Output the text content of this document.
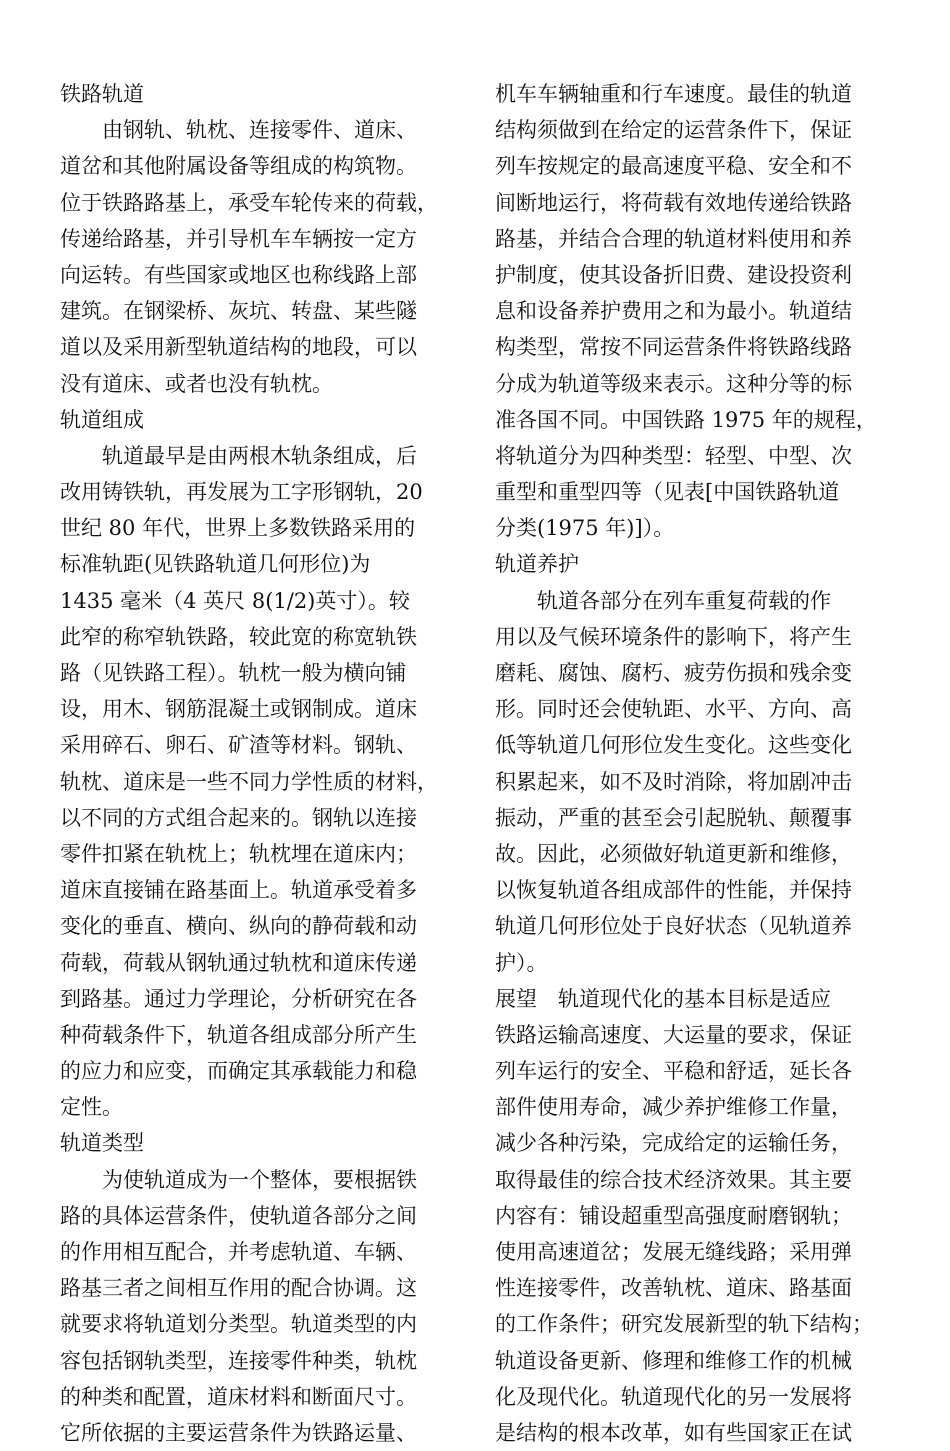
铁路轨道
由钢轨、轨枕、连接零件、道床、
道岔和其他附属设备等组成的构筑物。
位于铁路路基上，承受车轮传来的荷载，
传递给路基，并引导机车车辆按一定方
向运转。有些国家或地区也称线路上部
建筑。在钢梁桥、灰坑、转盘、某些隧
道以及采用新型轨道结构的地段，可以
没有道床、或者也没有轨枕。
轨道组成
轨道最早是由两根木轨条组成，后
改用铸铁轨，再发展为工字形钢轨，20
世纪 80 年代，世界上多数铁路采用的
标准轨距(见铁路轨道几何形位)为
1435 毫米（4 英尺 8(1/2)英寸）。较
此窄的称窄轨铁路，较此宽的称宽轨铁
路（见铁路工程）。轨枕一般为横向铺
设，用木、钢筋混凝土或钢制成。道床
采用碎石、卵石、矿渣等材料。钢轨、
轨枕、道床是一些不同力学性质的材料，
以不同的方式组合起来的。钢轨以连接
零件扣紧在轨枕上；轨枕埋在道床内；
道床直接铺在路基面上。轨道承受着多
变化的垂直、横向、纵向的静荷载和动
荷载，荷载从钢轨通过轨枕和道床传递
到路基。通过力学理论，分析研究在各
种荷载条件下，轨道各组成部分所产生
的应力和应变，而确定其承载能力和稳
定性。
轨道类型
为使轨道成为一个整体，要根据铁
路的具体运营条件，使轨道各部分之间
的作用相互配合，并考虑轨道、车辆、
路基三者之间相互作用的配合协调。这
就要求将轨道划分类型。轨道类型的内
容包括钢轨类型，连接零件种类，轨枕
的种类和配置，道床材料和断面尺寸。
它所依据的主要运营条件为铁路运量、
机车车辆轴重和行车速度。最佳的轨道
结构须做到在给定的运营条件下，保证
列车按规定的最高速度平稳、安全和不
间断地运行，将荷载有效地传递给铁路
路基，并结合合理的轨道材料使用和养
护制度，使其设备折旧费、建设投资利
息和设备养护费用之和为最小。轨道结
构类型，常按不同运营条件将铁路线路
分成为轨道等级来表示。这种分等的标
准各国不同。中国铁路 1975 年的规程，
将轨道分为四种类型：轻型、中型、次
重型和重型四等（见表[中国铁路轨道
分类(1975 年)]）。
轨道养护
轨道各部分在列车重复荷载的作
用以及气候环境条件的影响下，将产生
磨耗、腐蚀、腐朽、疲劳伤损和残余变
形。同时还会使轨距、水平、方向、高
低等轨道几何形位发生变化。这些变化
积累起来，如不及时消除，将加剧冲击
振动，严重的甚至会引起脱轨、颠覆事
故。因此，必须做好轨道更新和维修，
以恢复轨道各组成部件的性能，并保持
轨道几何形位处于良好状态（见轨道养
护）。
展望　轨道现代化的基本目标是适应
铁路运输高速度、大运量的要求，保证
列车运行的安全、平稳和舒适，延长各
部件使用寿命，减少养护维修工作量，
减少各种污染，完成给定的运输任务，
取得最佳的综合技术经济效果。其主要
内容有：铺设超重型高强度耐磨钢轨；
使用高速道岔；发展无缝线路；采用弹
性连接零件，改善轨枕、道床、路基面
的工作条件；研究发展新型的轨下结构；
轨道设备更新、修理和维修工作的机械
化及现代化。轨道现代化的另一发展将
是结构的根本改革，如有些国家正在试
